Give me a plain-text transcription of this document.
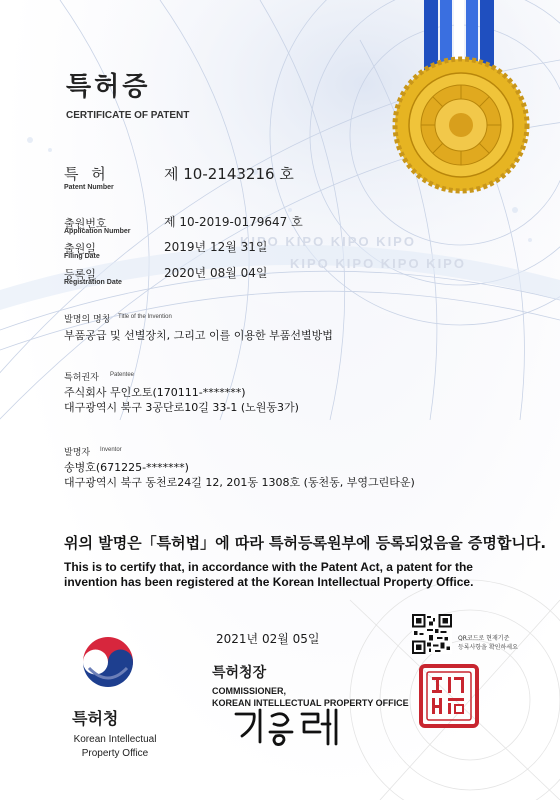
KIPO KIPO KIPO KIPO
KIPO KIPO KIPO KIPO
특허증
CERTIFICATE OF PATENT
특 허
Patent Number
제 10-2143216 호
출원번호
Application Number
제 10-2019-0179647 호
출원일
Filing Date
2019년 12월 31일
등록일
Registration Date
2020년 08월 04일
발명의 명칭 Title of the Invention
부품공급 및 선별장치, 그리고 이를 이용한 부품선별방법
특허권자 Patentee
주식회사 무인오토(170111-*******)
대구광역시 북구 3공단로10길 33-1 (노원동3가)
발명자 Inventor
송병호(671225-*******)
대구광역시 북구 동천로24길 12, 201동 1308호 (동천동, 부영그린타운)
위의 발명은「특허법」에 따라 특허등록원부에 등록되었음을 증명합니다.
This is to certify that, in accordance with the Patent Act, a patent for the
invention has been registered at the Korean Intellectual Property Office.
특허청
Korean Intellectual
Property Office
2021년 02월 05일
특허청장
COMMISSIONER,
KOREAN INTELLECTUAL PROPERTY OFFICE
QR코드로 현재기준
등록사항을 확인하세요
